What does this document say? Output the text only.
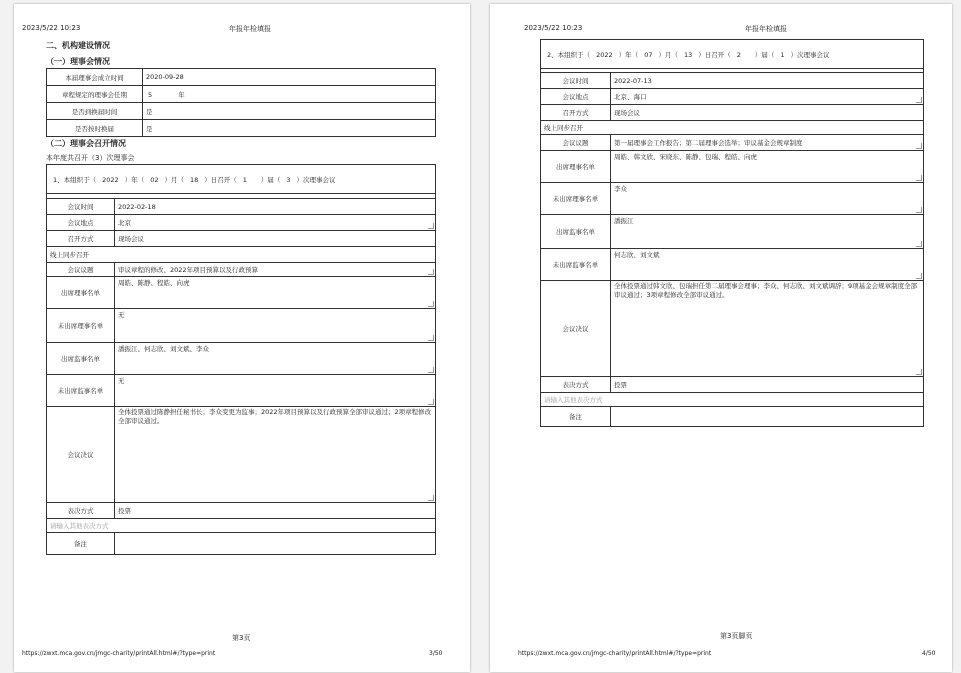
2023/5/22 10:23	年报年检填报
二、机构建设情况
（一）理事会情况
本届理事会成立时间	2020-09-28
章程规定的理事会任期	5 年
是否到换届时间	是
是否按时换届	是
（二）理事会召开情况
本年度共召开（3）次理事会
1、本组织于（ 2022 ）年（ 02 ）月（ 18 ）日召开（ 1 ）届（ 3 ）次理事会议	

会议时间	2022-02-18
会议地点	北京

召开方式	现场会议
线上同步召开	
会议议题	审议章程的修改、2022年项目预算以及行政预算

出席理事名单	周皓、陈静、程皓、向虎

未出席理事名单	无

出席监事名单	潘振江、何志欣、刘文斌、李众

未出席监事名单	无

会议决议	全体投票通过陈静担任秘书长；李众变更为监事；2022年项目预算以及行政预算全部审议通过；2项章程修改全部审议通过。

表决方式	投票
请输入其他表决方式	
备注	
第3页
https://zwxt.mca.gov.cn/jmgc-charity/printAll.html#/?type=print	3/50
2023/5/22 10:23	年报年检填报
2、本组织于（ 2022 ）年（ 07 ）月（ 13 ）日召开（ 2 ）届（ 1 ）次理事会议	

会议时间	2022-07-13
会议地点	北京、海口

召开方式	现场会议
线上同步召开	
会议议题	第一届理事会工作报告；第二届理事会选举；审议基金会规章制度

出席理事名单	周皓、韩文欣、宋晓东、陈静、包瑞、程皓、向虎

未出席理事名单	李众

出席监事名单	潘振江

未出席监事名单	何志欣、刘文斌

会议决议	全体投票通过韩文欣、包瑞担任第二届理事会理事；李众、何志欣、刘文斌调辞；9项基金会规章制度全部审议通过；3项章程修改全部审议通过。

表决方式	投票
请输入其他表决方式	
备注	
第3页脚页
https://zwxt.mca.gov.cn/jmgc-charity/printAll.html#/?type=print	4/50
